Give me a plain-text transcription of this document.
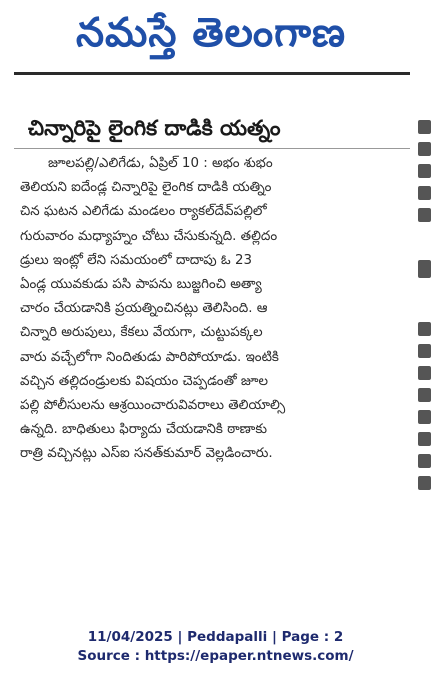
నమస్తే తెలంగాణ
చిన్నారిపై లైంగిక దాడికి యత్నం
జూలపల్లి/ఎలిగేడు, ఏప్రిల్ 10 : అభం శుభం
తెలియని ఐదేండ్ల చిన్నారిపై లైంగిక దాడికి యత్నిం
చిన ఘటన ఎలిగేడు మండలం ర్యాకల్‌దేవ్‌పల్లిలో
గురువారం మధ్యాహ్నం చోటు చేసుకున్నది. తల్లిదం
డ్రులు ఇంట్లో లేని సమయంలో దాదాపు ఓ 23
ఏండ్ల యువకుడు పసి పాపను బుజ్జగించి అత్యా
చారం చేయడానికి ప్రయత్నించినట్లు తెలిసింది. ఆ
చిన్నారి అరుపులు, కేకలు వేయగా, చుట్టుపక్కల
వారు వచ్చేలోగా నిందితుడు పారిపోయాడు. ఇంటికి
వచ్చిన తల్లిదండ్రులకు విషయం చెప్పడంతో జూల
పల్లి పోలీసులను ఆశ్రయించారువివరాలు తెలియాల్సి
ఉన్నది. బాధితులు ఫిర్యాదు చేయడానికి ఠాణాకు
రాత్రి వచ్చినట్లు ఎస్ఐ సనత్‌కుమార్ వెల్లడించారు.
11/04/2025 | Peddapalli | Page : 2
Source : https://epaper.ntnews.com/
